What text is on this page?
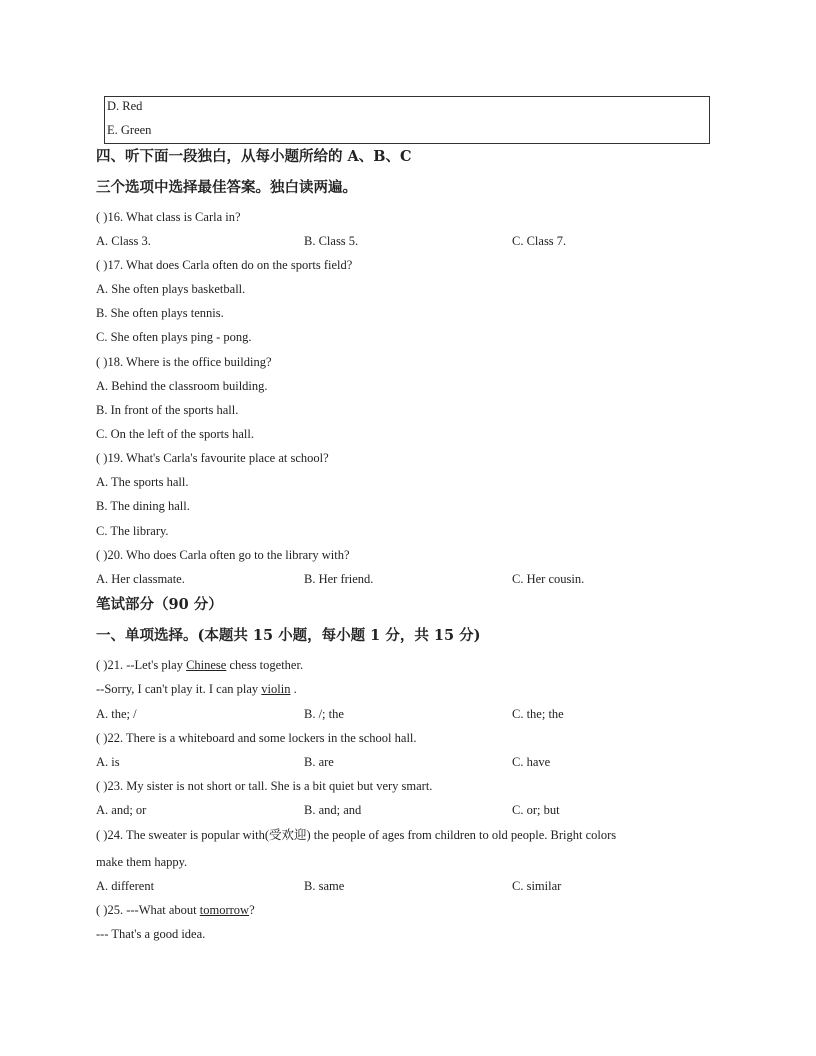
D. Red
E. Green
四、听下面一段独白，从每小题所给的 A、B、C
三个选项中选择最佳答案。独白读两遍。
( )16. What class is Carla in?
A. Class 3.	B. Class 5.	C. Class 7.
( )17. What does Carla often do on the sports field?
A. She often plays basketball.
B. She often plays tennis.
C. She often plays ping - pong.
( )18. Where is the office building?
A. Behind the classroom building.
B. In front of the sports hall.
C. On the left of the sports hall.
( )19. What's Carla's favourite place at school?
A. The sports hall.
B. The dining hall.
C. The library.
( )20. Who does Carla often go to the library with?
A. Her classmate.	B. Her friend.	C. Her cousin.
笔试部分（90 分）
一、单项选择。(本题共 15 小题，每小题 1 分，共 15 分)
( )21. --Let's play Chinese chess together.
--Sorry, I can't play it. I can play violin .
A. the; /	B. /; the	C. the; the
( )22. There is a whiteboard and some lockers in the school hall.
A. is	B. are	C. have
( )23. My sister is not short or tall. She is a bit quiet but very smart.
A. and; or	B. and; and	C. or; but
( )24. The sweater is popular with(受欢迎) the people of ages from children to old people. Bright colors
make them happy.
A. different	B. same	C. similar
( )25. ---What about tomorrow?
--- That's a good idea.
